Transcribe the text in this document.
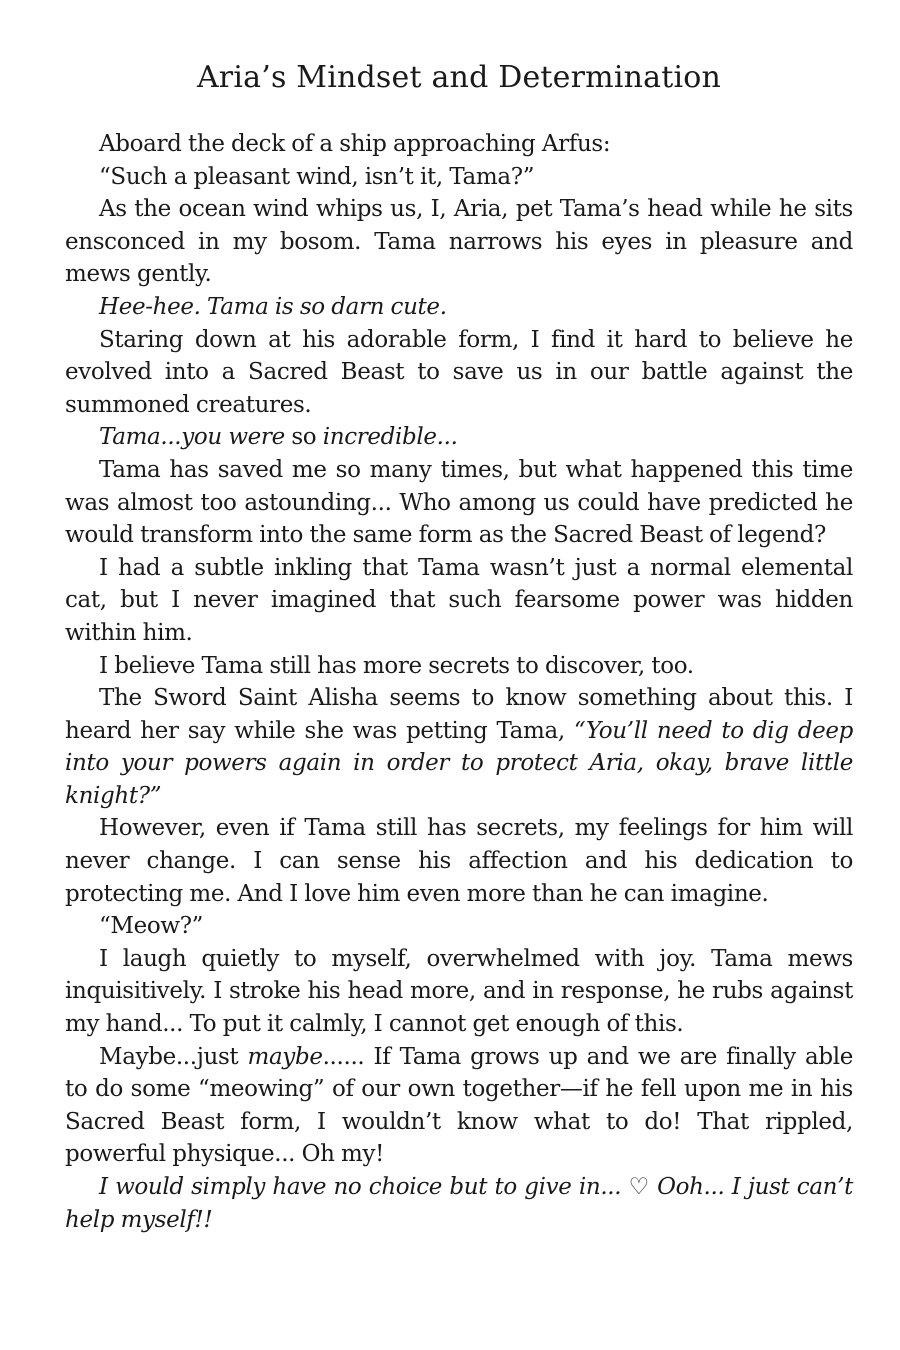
Aria’s Mindset and Determination

Aboard the deck of a ship approaching Arfus:

“Such a pleasant wind, isn’t it, Tama?”

As the ocean wind whips us, I, Aria, pet Tama’s head while he sits ensconced in my bosom. Tama narrows his eyes in pleasure and mews gently.

Hee-hee. Tama is so darn cute.

Staring down at his adorable form, I find it hard to believe he evolved into a Sacred Beast to save us in our battle against the summoned creatures.

Tama...you were so incredible...

Tama has saved me so many times, but what happened this time was almost too astounding... Who among us could have predicted he would transform into the same form as the Sacred Beast of legend?

I had a subtle inkling that Tama wasn’t just a normal elemental cat, but I never imagined that such fearsome power was hidden within him.

I believe Tama still has more secrets to discover, too.

The Sword Saint Alisha seems to know something about this. I heard her say while she was petting Tama, “You’ll need to dig deep into your powers again in order to protect Aria, okay, brave little knight?”

However, even if Tama still has secrets, my feelings for him will never change. I can sense his affection and his dedication to protecting me. And I love him even more than he can imagine.

“Meow?”

I laugh quietly to myself, overwhelmed with joy. Tama mews inquisitively. I stroke his head more, and in response, he rubs against my hand... To put it calmly, I cannot get enough of this.

Maybe...just maybe...... If Tama grows up and we are finally able to do some “meowing” of our own together—if he fell upon me in his Sacred Beast form, I wouldn’t know what to do! That rippled, powerful physique... Oh my!

I would simply have no choice but to give in... ♡ Ooh... I just can’t help myself!!
